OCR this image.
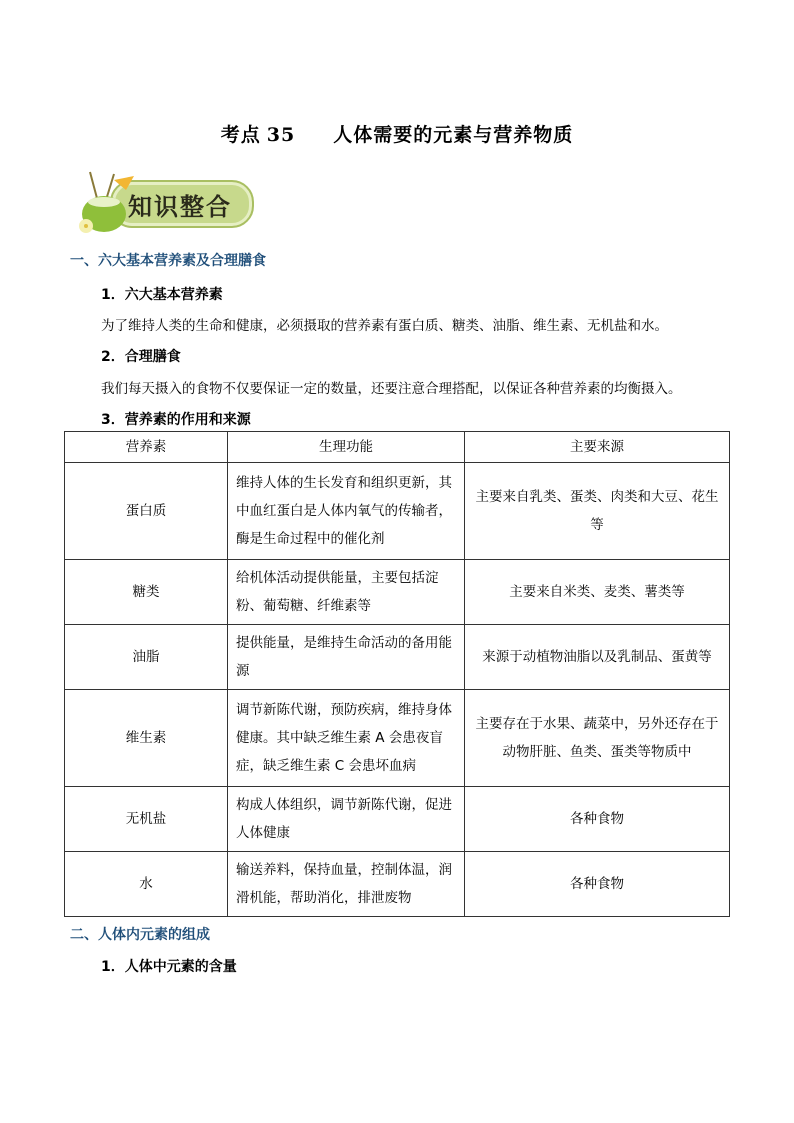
考点 35 人体需要的元素与营养物质
知识整合
一、六大基本营养素及合理膳食
1．六大基本营养素
为了维持人类的生命和健康，必须摄取的营养素有蛋白质、糖类、油脂、维生素、无机盐和水。
2．合理膳食
我们每天摄入的食物不仅要保证一定的数量，还要注意合理搭配，以保证各种营养素的均衡摄入。
3．营养素的作用和来源
营养素	生理功能	主要来源
蛋白质	维持人体的生长发育和组织更新，其中血红蛋白是人体内氧气的传输者，酶是生命过程中的催化剂	主要来自乳类、蛋类、肉类和大豆、花生等
糖类	给机体活动提供能量，主要包括淀粉、葡萄糖、纤维素等	主要来自米类、麦类、薯类等
油脂	提供能量，是维持生命活动的备用能源	来源于动植物油脂以及乳制品、蛋黄等
维生素	调节新陈代谢，预防疾病，维持身体健康。其中缺乏维生素 A 会患夜盲症，缺乏维生素 C 会患坏血病	主要存在于水果、蔬菜中，另外还存在于动物肝脏、鱼类、蛋类等物质中
无机盐	构成人体组织，调节新陈代谢，促进人体健康	各种食物
水	输送养料，保持血量，控制体温，润滑机能，帮助消化，排泄废物	各种食物
二、人体内元素的组成
1．人体中元素的含量
